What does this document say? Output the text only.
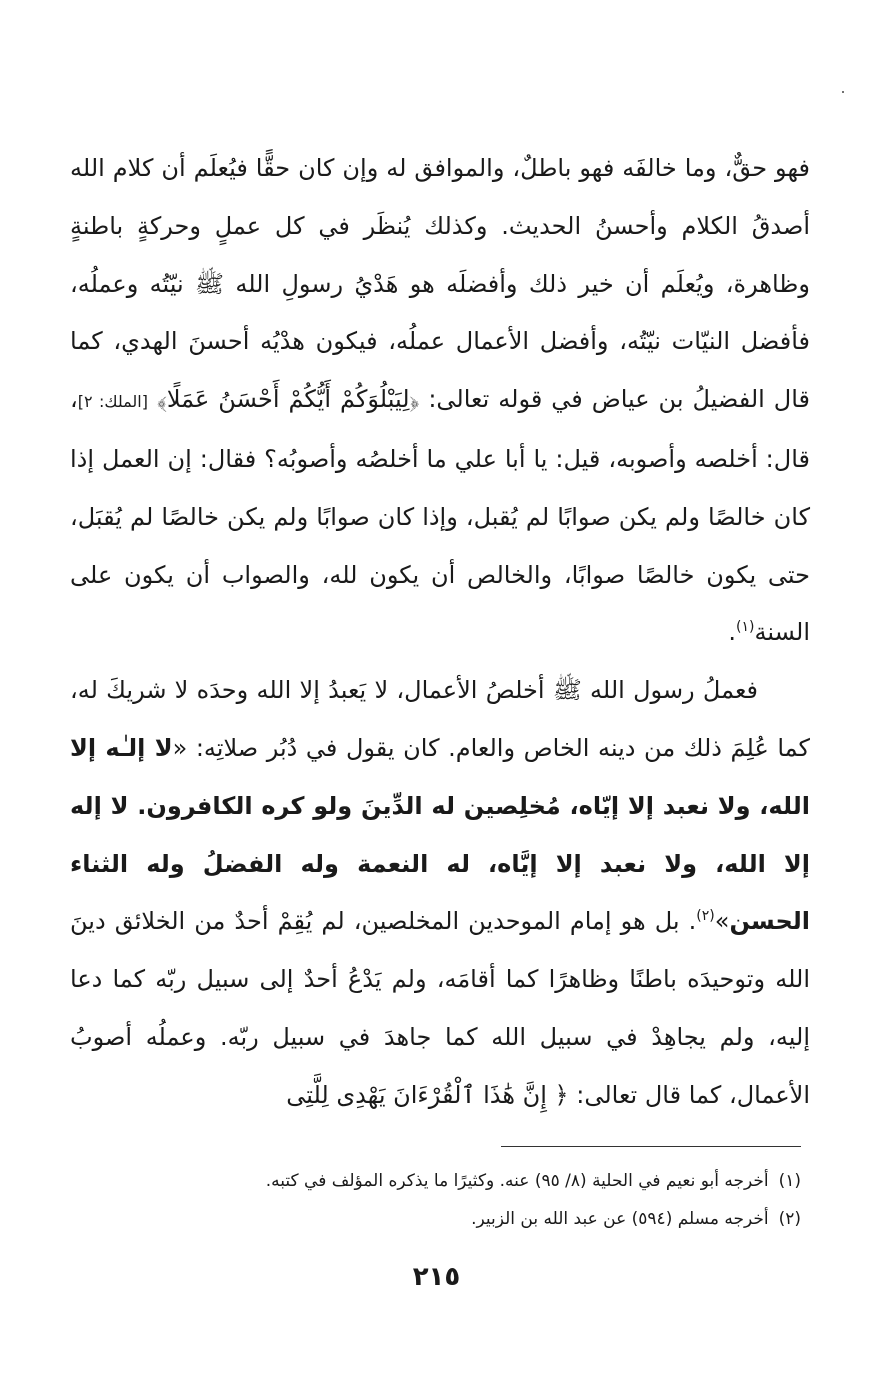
فهو حقٌّ، وما خالفَه فهو باطلٌ، والموافق له وإن كان حقًّا فيُعلَم أن كلام الله أصدقُ الكلام وأحسنُ الحديث. وكذلك يُنظَر في كل عملٍ وحركةٍ باطنةٍ وظاهرة، ويُعلَم أن خير ذلك وأفضلَه هو هَدْيُ رسولِ الله ﷺ نيّتُه وعملُه، فأفضل النيّات نيّتُه، وأفضل الأعمال عملُه، فيكون هدْيُه أحسنَ الهدي، كما قال الفضيلُ بن عياض في قوله تعالى: ﴿لِيَبْلُوَكُمْ أَيُّكُمْ أَحْسَنُ عَمَلًا﴾ [الملك: ٢]، قال: أخلصه وأصوبه، قيل: يا أبا علي ما أخلصُه وأصوبُه؟ فقال: إن العمل إذا كان خالصًا ولم يكن صوابًا لم يُقبل، وإذا كان صوابًا ولم يكن خالصًا لم يُقبَل، حتى يكون خالصًا صوابًا، والخالص أن يكون لله، والصواب أن يكون على السنة$^{(١)}$.

فعملُ رسول الله ﷺ أخلصُ الأعمال، لا يَعبدُ إلا الله وحدَه لا شريكَ له، كما عُلِمَ ذلك من دينه الخاص والعام. كان يقول في دُبُر صلاتِه: «لا إلـٰه إلا الله، ولا نعبد إلا إيّاه، مُخلِصين له الدِّينَ ولو كره الكافرون. لا إله إلا الله، ولا نعبد إلا إيَّاه، له النعمة وله الفضلُ وله الثناء الحسن»$^{(٢)}$. بل هو إمام الموحدين المخلصين، لم يُقِمْ أحدٌ من الخلائق دينَ الله وتوحيدَه باطنًا وظاهرًا كما أقامَه، ولم يَدْعُ أحدٌ إلى سبيل ربّه كما دعا إليه، ولم يجاهِدْ في سبيل الله كما جاهدَ في سبيل ربّه. وعملُه أصوبُ الأعمال، كما قال تعالى: ﴿ إِنَّ هَٰذَا ٱلْقُرْءَانَ يَهْدِى لِلَّتِى

(١)أخرجه أبو نعيم في الحلية (٨/ ٩٥) عنه. وكثيرًا ما يذكره المؤلف في كتبه.

(٢)أخرجه مسلم (٥٩٤) عن عبد الله بن الزبير.

٢١٥
